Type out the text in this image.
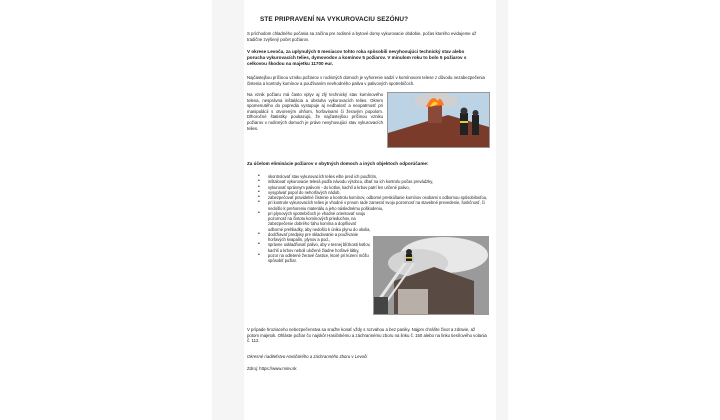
STE PRIPRAVENÍ NA VYKUROVACIU SEZÓNU?
S príchodom chladného počasia sa začína pre rodinné a bytové domy vykurovacie obdobie, počas ktorého evidujeme už tradične zvýšený počet požiarov.
V okrese Levoča, za uplynulých 6 mesiacov tohto roka spôsobili nevyhovujúci technický stav alebo porucha vykurovacích telies, dymovodov a komínov 5 požiarov. V minulom roku to bolo 5 požiarov s celkovou škodou na majetku 11700 eur.
Najčastejšou príčinou vzniku požiarov v rodinných domoch je vyhorenie sadzí v komínovom telese z dôvodu nezabezpečenia čistenia a kontroly komínov a používaním nevhodného paliva v palivových spotrebičoch.
Na vznik požiaru má často vplyv aj zlý technický stav komínového telesa, nesprávna inštalácia a obsluha vykurovacích telies. Okrem spomenutého do popredia vystupuje aj nedbalosť a neopatrnosť pri manipulácii s otvoreným ohňom, horľavinami či žeravým popolom. Dlhoročné štatistiky poukazujú, že najčastejšou príčinou vzniku požiarov v rodinných domoch je práve nevyhovujúci stav vykurovacích telies.
Za účelom eliminácie požiarov v obytných domoch a iných objektoch odporúčame:
• skontrolovať stav vykurovacích telies ešte pred ich použitím,
• inštalovať vykurovacie telesá podľa návodu výrobcu, dbať na ich kontrolu počas prevádzky,
• vykurovať správnym palivom - do kotlov, kachlí a krbov patrí len určené palivo,
• vysypávať popol do nehorľavých nádob,
• zabezpečovať pravidelné čistenie a kontrolu komínov, odborné preskúšanie komínov osobami s odbornou spôsobilosťou,
• pri kontrole vykurovacích telies je vhodné v prvom rade zamerať svoju pozornosť na stavebné prevedenie, funkčnosť, či nedošlo k prehoreniu materiálu a jeho následnému poškodeniu,
• pri plynových spotrebičoch je vhodné orientovať svoju pozornosť na čistotu komínových prieduchov, na zabezpečenie dobrého ťahu komína a doplňovať odborné prehliadky, aby nedošlo k úniku plynu do okolia,
• dodržiavať predpisy pre skladovanie a používanie horľavých kvapalín, plynov a pod.,
• správne uskladňovať palivo, aby v tesnej blízkosti kotlov, kachlí a krbov neboli uložené žiadne horľavé látky,
• pozor na odletené žeravé častice, ktoré pri kúrení môžu spôsobiť požiar.
V prípade hroziaceho nebezpečenstva sa snažte konať vždy s rozvahou a bez paniky. Najprv chráňte život a zdravie, až potom majetok. Ohláste požiar čo najskôr Hasičskému a záchrannému zboru na linku č. 150 alebo na linku tiesňového volania č. 112.
Okresné riaditeľstvo Hasičského a záchranného zboru v Levoči
Zdroj: https://www.minv.sk
